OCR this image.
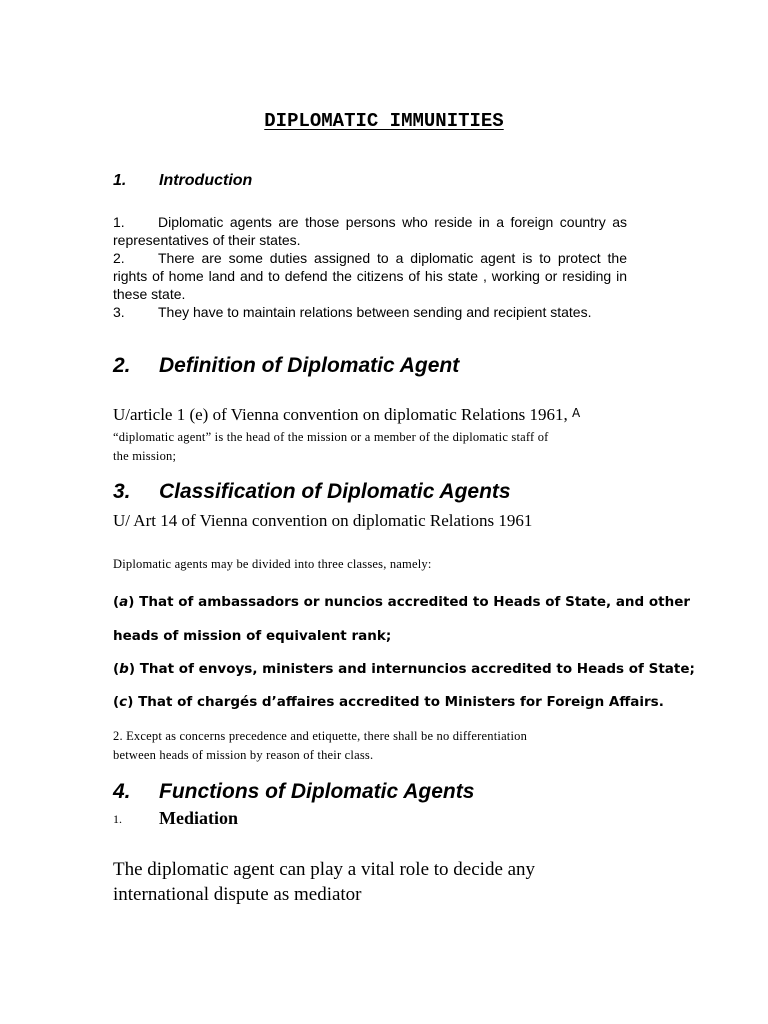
DIPLOMATIC IMMUNITIES
1. Introduction

1. Diplomatic agents are those persons who reside in a foreign country as representatives of their states.

2. There are some duties assigned to a diplomatic agent is to protect the rights of home land and to defend the citizens of his state , working or residing in these state.

3. They have to maintain relations between sending and recipient states.

2. Definition of Diplomatic Agent
U/article 1 (e) of Vienna convention on diplomatic Relations 1961, A
“diplomatic agent” is the head of the mission or a member of the diplomatic staff of
the mission;
3. Classification of Diplomatic Agents
U/ Art 14 of Vienna convention on diplomatic Relations 1961
Diplomatic agents may be divided into three classes, namely:
(a) That of ambassadors or nuncios accredited to Heads of State, and other
heads of mission of equivalent rank;
(b) That of envoys, ministers and internuncios accredited to Heads of State;
(c) That of chargés d’affaires accredited to Ministers for Foreign Affairs.
2. Except as concerns precedence and etiquette, there shall be no differentiation
between heads of mission by reason of their class.
4. Functions of Diplomatic Agents
1. Mediation
The diplomatic agent can play a vital role to decide any
international dispute as mediator
